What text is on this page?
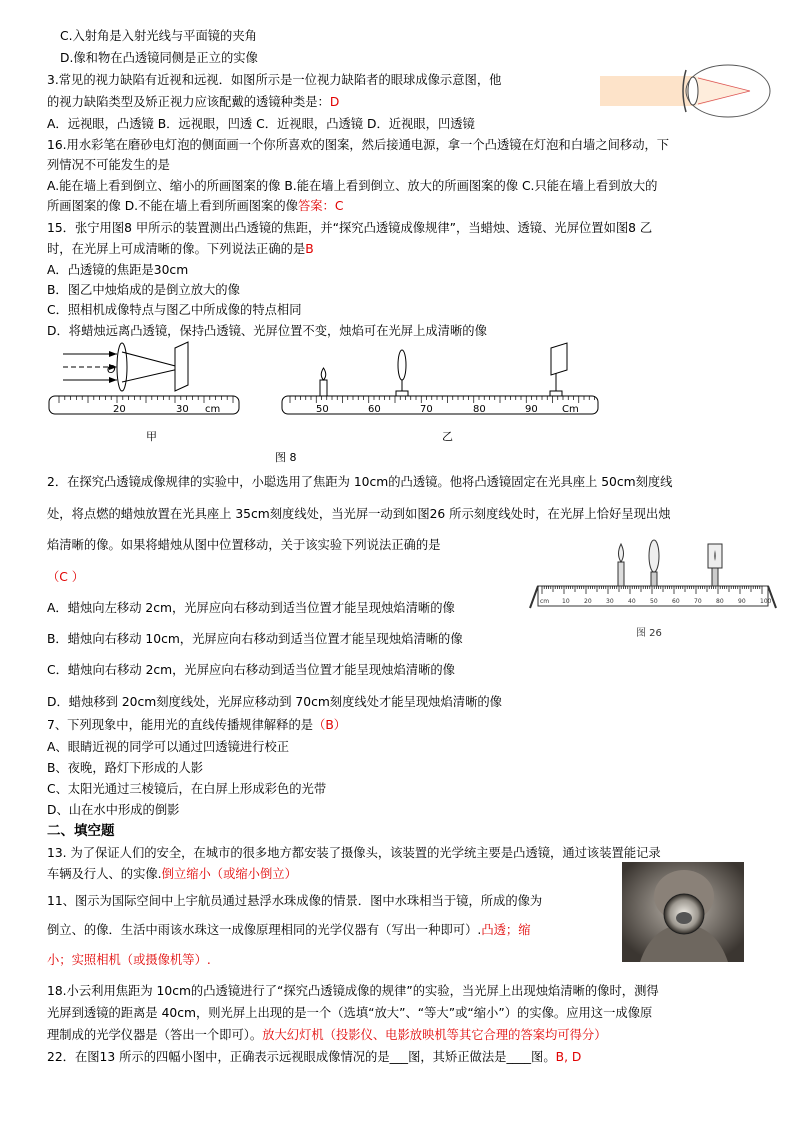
C.入射角是入射光线与平面镜的夹角
D.像和物在凸透镜同侧是正立的实像
3.常见的视力缺陷有近视和远视．如图所示是一位视力缺陷者的眼球成像示意图，他
的视力缺陷类型及矫正视力应该配戴的透镜种类是：D
A．远视眼，凸透镜 B．远视眼，凹透 C．近视眼，凸透镜 D．近视眼，凹透镜
16.用水彩笔在磨砂电灯泡的侧面画一个你所喜欢的图案，然后接通电源，拿一个凸透镜在灯泡和白墙之间移动，下
列情况不可能发生的是
A.能在墙上看到倒立、缩小的所画图案的像 B.能在墙上看到倒立、放大的所画图案的像 C.只能在墙上看到放大的
所画图案的像 D.不能在墙上看到所画图案的像答案：C
15．张宁用图8 甲所示的装置测出凸透镜的焦距，并“探究凸透镜成像规律”，当蜡烛、透镜、光屏位置如图8 乙
时，在光屏上可成清晰的像。下列说法正确的是B
A．凸透镜的焦距是30cm
B．图乙中烛焰成的是倒立放大的像
C．照相机成像特点与图乙中所成像的特点相同
D．将蜡烛远离凸透镜，保持凸透镜、光屏位置不变，烛焰可在光屏上成清晰的像
O
20	30 cm
甲
50	60	70	80	90 Cm
乙
图 8
2．在探究凸透镜成像规律的实验中，小聪选用了焦距为 10cm的凸透镜。他将凸透镜固定在光具座上 50cm刻度线
处，将点燃的蜡烛放置在光具座上 35cm刻度线处，当光屏一动到如图26 所示刻度线处时，在光屏上恰好呈现出烛
焰清晰的像。如果将蜡烛从图中位置移动，关于该实验下列说法正确的是
（C ）
A．蜡烛向左移动 2cm，光屏应向右移动到适当位置才能呈现烛焰清晰的像
B．蜡烛向右移动 10cm，光屏应向右移动到适当位置才能呈现烛焰清晰的像
C．蜡烛向右移动 2cm，光屏应向右移动到适当位置才能呈现烛焰清晰的像
D．蜡烛移到 20cm刻度线处，光屏应移动到 70cm刻度线处才能呈现烛焰清晰的像
cm 10 20 30 40 50 60 70 80 90 100
图 26
7、下列现象中，能用光的直线传播规律解释的是（B）
A、眼睛近视的同学可以通过凹透镜进行校正
B、夜晚，路灯下形成的人影
C、太阳光通过三棱镜后，在白屏上形成彩色的光带
D、山在水中形成的倒影
二、填空题
13. 为了保证人们的安全，在城市的很多地方都安装了摄像头，该装置的光学统主要是凸透镜，通过该装置能记录
车辆及行人、的实像.倒立缩小（或缩小倒立）
11、图示为国际空间中上宇航员通过悬浮水珠成像的情景．图中水珠相当于镜，所成的像为
倒立、的像．生活中雨该水珠这一成像原理相同的光学仪器有（写出一种即可）.凸透；缩
小；实照相机（或摄像机等）.
18.小云利用焦距为 10cm的凸透镜进行了“探究凸透镜成像的规律”的实验，当光屏上出现烛焰清晰的像时，测得
光屏到透镜的距离是 40cm，则光屏上出现的是一个（选填“放大”、“等大”或“缩小”）的实像。应用这一成像原
理制成的光学仪器是（答出一个即可）。放大幻灯机（投影仪、电影放映机等其它合理的答案均可得分）
22．在图13 所示的四幅小图中，正确表示远视眼成像情况的是___图，其矫正做法是____图。B, D
